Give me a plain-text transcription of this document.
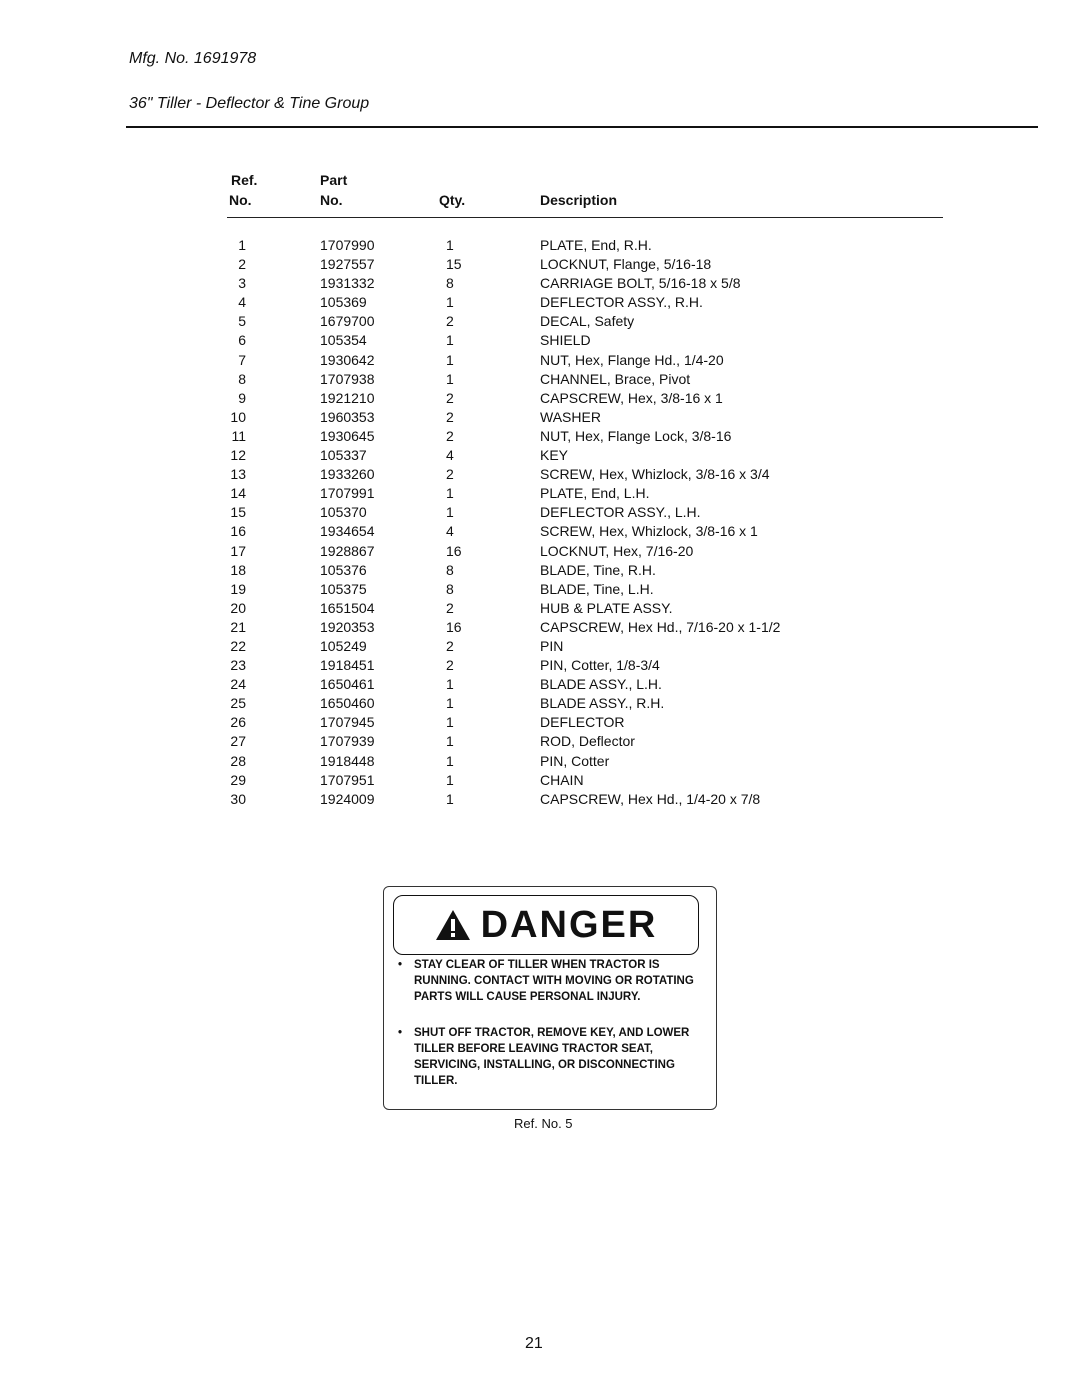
Mfg. No. 1691978
36" Tiller - Deflector & Tine Group
Ref.
No.
Part
No.	Qty.	Description
1	1707990	1	PLATE, End, R.H.
2	1927557	15	LOCKNUT, Flange, 5/16-18
3	1931332	8	CARRIAGE BOLT, 5/16-18 x 5/8
4	105369	1	DEFLECTOR ASSY., R.H.
5	1679700	2	DECAL, Safety
6	105354	1	SHIELD
7	1930642	1	NUT, Hex, Flange Hd., 1/4-20
8	1707938	1	CHANNEL, Brace, Pivot
9	1921210	2	CAPSCREW, Hex, 3/8-16 x 1
10	1960353	2	WASHER
11	1930645	2	NUT, Hex, Flange Lock, 3/8-16
12	105337	4	KEY
13	1933260	2	SCREW, Hex, Whizlock, 3/8-16 x 3/4
14	1707991	1	PLATE, End, L.H.
15	105370	1	DEFLECTOR ASSY., L.H.
16	1934654	4	SCREW, Hex, Whizlock, 3/8-16 x 1
17	1928867	16	LOCKNUT, Hex, 7/16-20
18	105376	8	BLADE, Tine, R.H.
19	105375	8	BLADE, Tine, L.H.
20	1651504	2	HUB & PLATE ASSY.
21	1920353	16	CAPSCREW, Hex Hd., 7/16-20 x 1-1/2
22	105249	2	PIN
23	1918451	2	PIN, Cotter, 1/8-3/4
24	1650461	1	BLADE ASSY., L.H.
25	1650460	1	BLADE ASSY., R.H.
26	1707945	1	DEFLECTOR
27	1707939	1	ROD, Deflector
28	1918448	1	PIN, Cotter
29	1707951	1	CHAIN
30	1924009	1	CAPSCREW, Hex Hd., 1/4-20 x 7/8
DANGER
•	STAY CLEAR OF TILLER WHEN TRACTOR IS RUNNING. CONTACT WITH MOVING OR ROTATING PARTS WILL CAUSE PERSONAL INJURY.
•	SHUT OFF TRACTOR, REMOVE KEY, AND LOWER TILLER BEFORE LEAVING TRACTOR SEAT, SERVICING, INSTALLING, OR DISCONNECTING TILLER.
Ref. No. 5
21
